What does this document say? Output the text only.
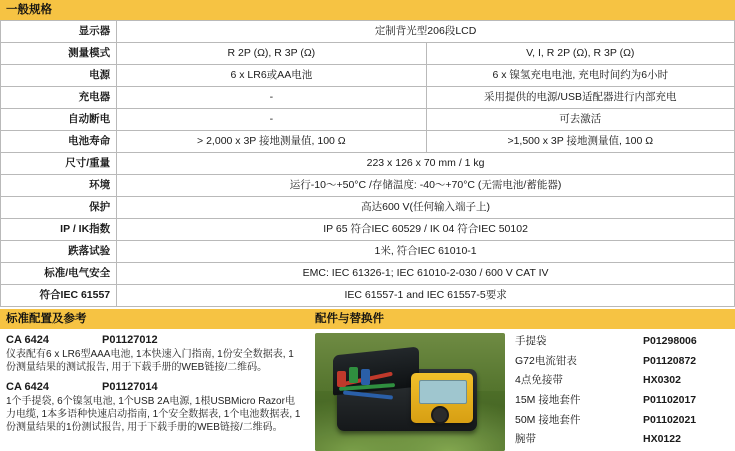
一般规格
显示器	定制背光型206段LCD	
测量模式	R 2P (Ω), R 3P (Ω)	V, I, R 2P (Ω), R 3P (Ω)
电源	6 x LR6或AA电池	6 x 镍氢充电电池, 充电时间约为6小时
充电器	-	采用提供的电源/USB适配器进行内部充电
自动断电	-	可去激活
电池寿命	> 2,000 x 3P 接地测量值, 100 Ω	>1,500 x 3P 接地测量值, 100 Ω
尺寸/重量	223 x 126 x 70 mm / 1 kg	
环境	运行-10～+50°C /存储温度: -40～+70°C (无需电池/蓄能器)	
保护	高达600 V(任何输入端子上)	
IP / IK指数	IP 65 符合IEC 60529 / IK 04 符合IEC 50102	
跌落试验	1米, 符合IEC 61010-1	
标准/电气安全	EMC: IEC 61326-1; IEC 61010-2-030 / 600 V CAT IV	
符合IEC 61557	IEC 61557-1 and IEC 61557-5要求	
标准配置及参考
CA 6424	P01127012
仪表配有6 x LR6型AAA电池, 1本快速入门指南, 1份安全数据表, 1份测量结果的测试报告, 用于下载手册的WEB链接/二维码。
CA 6424	P01127014
1个手提袋, 6个镍氢电池, 1个USB 2A电源, 1根USBMicro Razor电力电缆, 1本多语种快速启动指南, 1个安全数据表, 1个电池数据表, 1份测量结果的1份测试报告, 用于下载手册的WEB链接/二维码。
配件与替换件
手提袋	P01298006
G72电流钳表	P01120872
4点免接带	HX0302
15M 接地套件	P01102017
50M 接地套件	P01102021
腕带	HX0122
